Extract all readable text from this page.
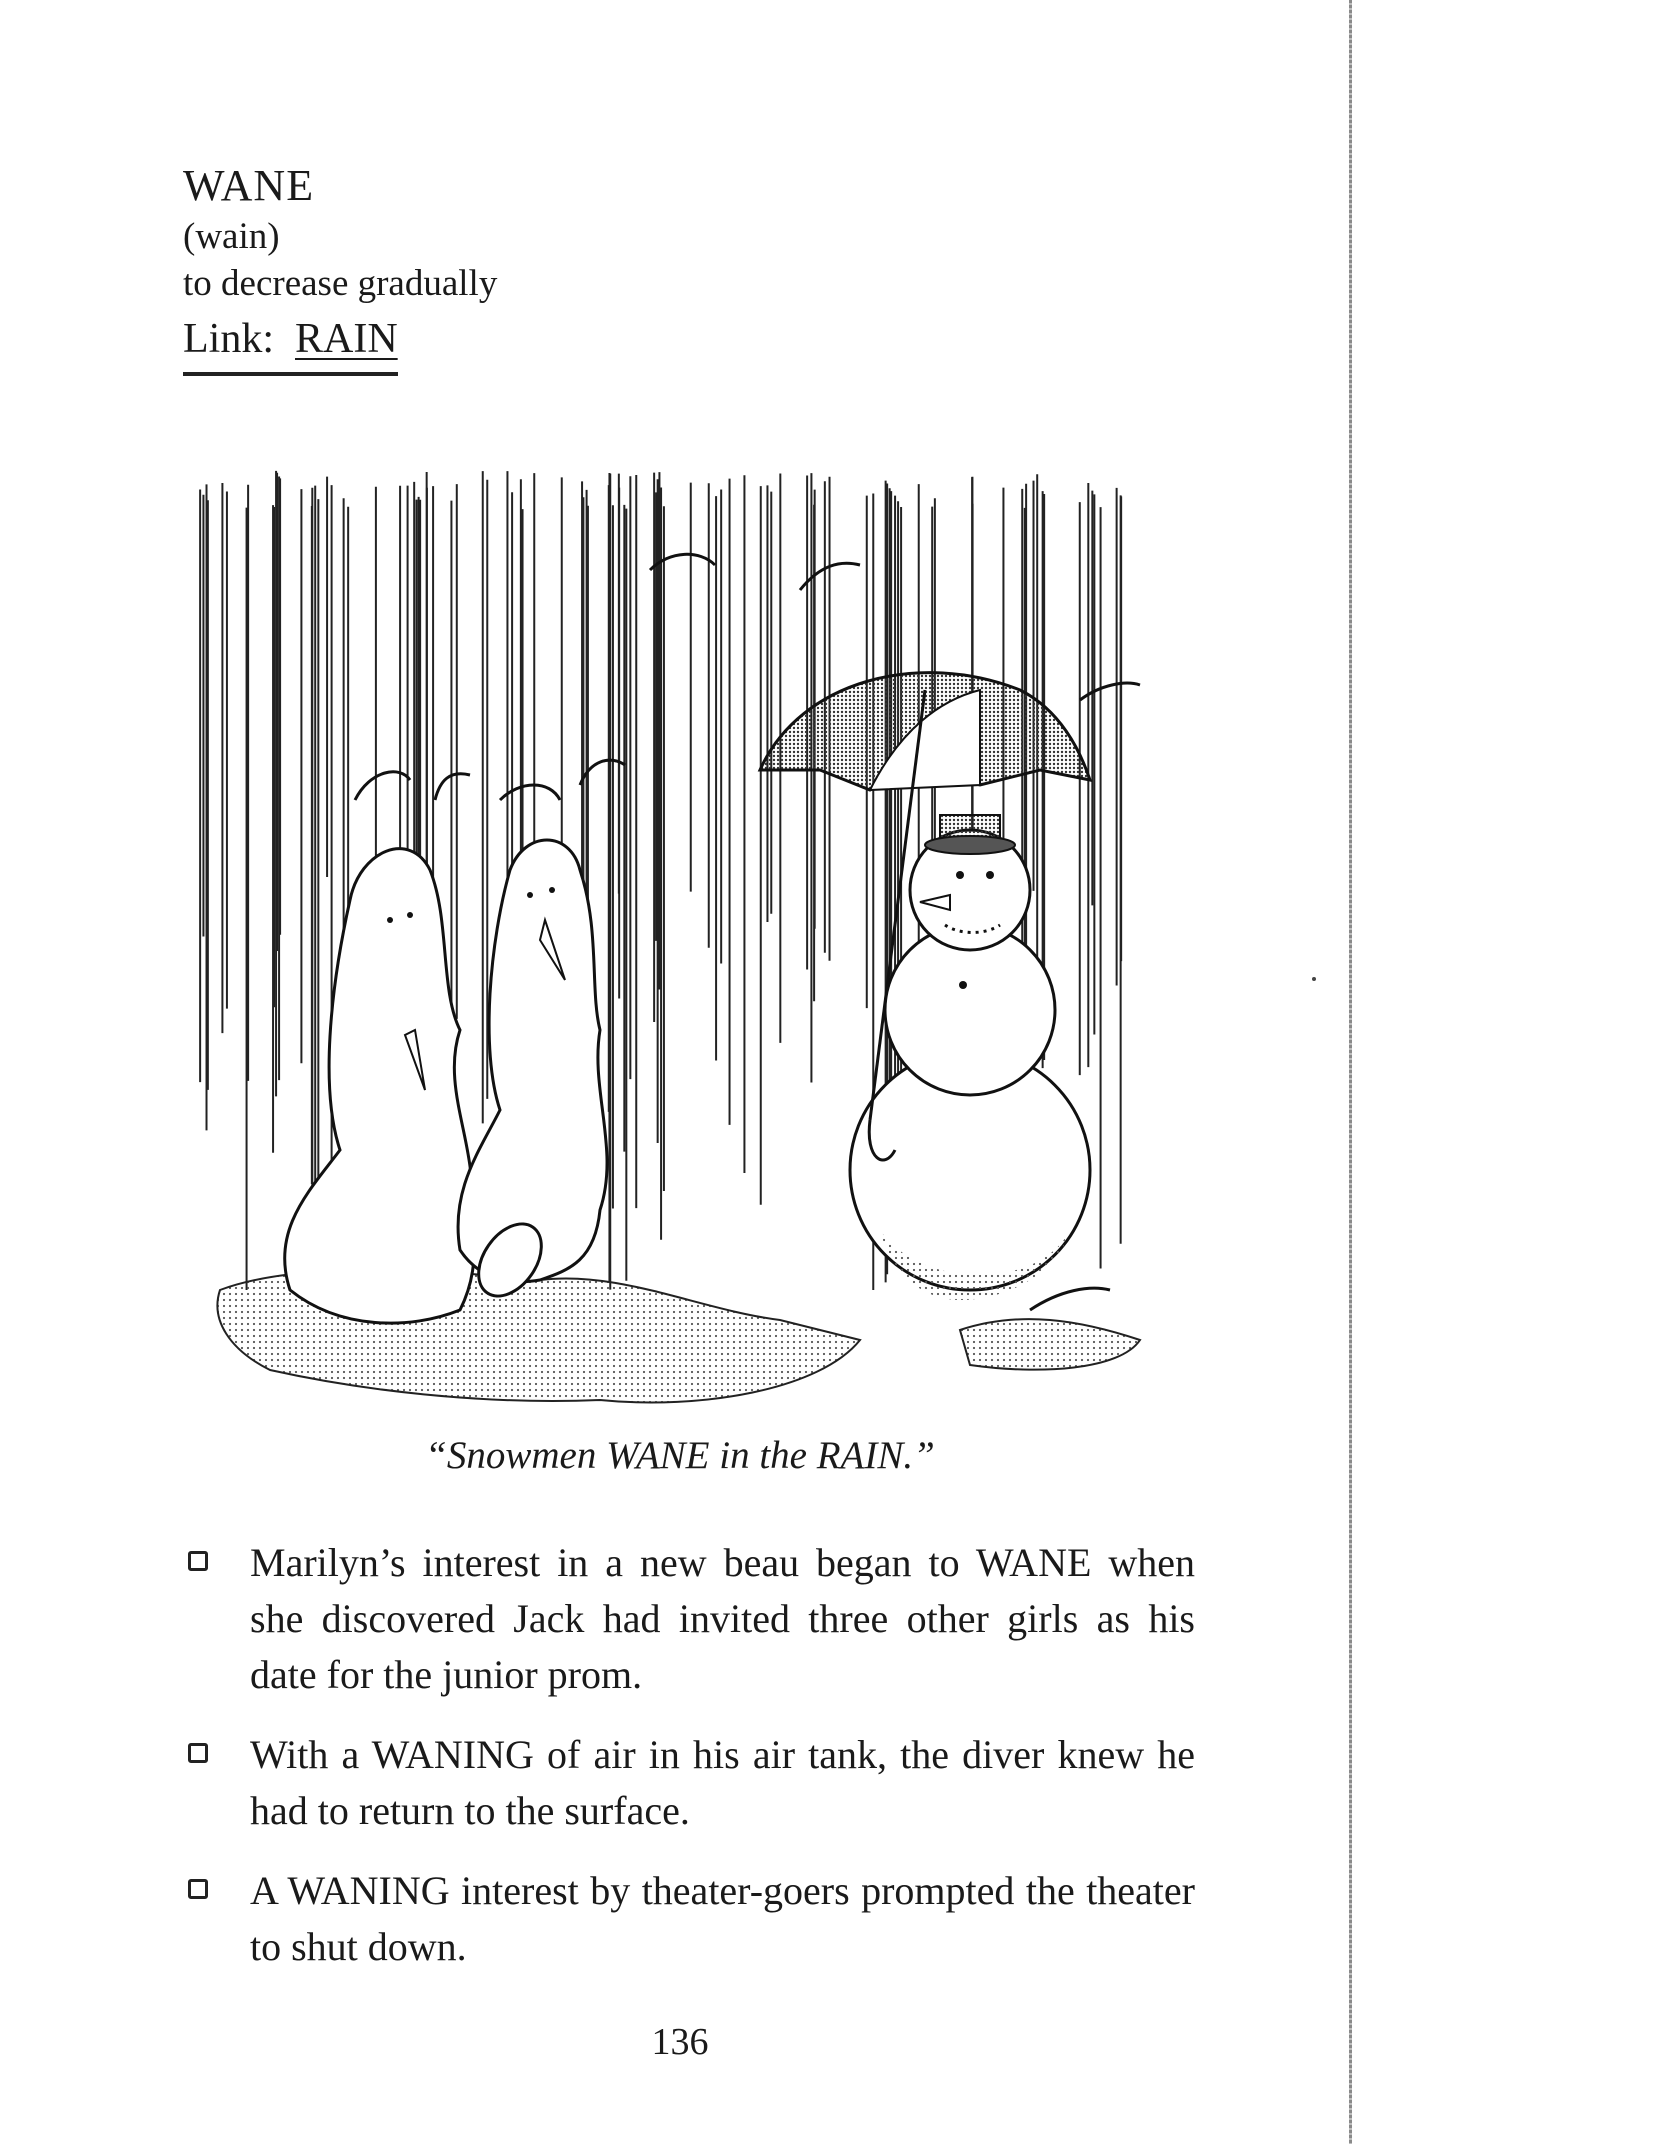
WANE

(wain)

to decrease gradually

Link: RAIN

“Snowmen WANE in the RAIN.”
Marilyn’s interest in a new beau began to WANE when she discovered Jack had invited three other girls as his date for the junior prom.
With a WANING of air in his air tank, the diver knew he had to return to the surface.
A WANING interest by theater-goers prompted the theater to shut down.
136
